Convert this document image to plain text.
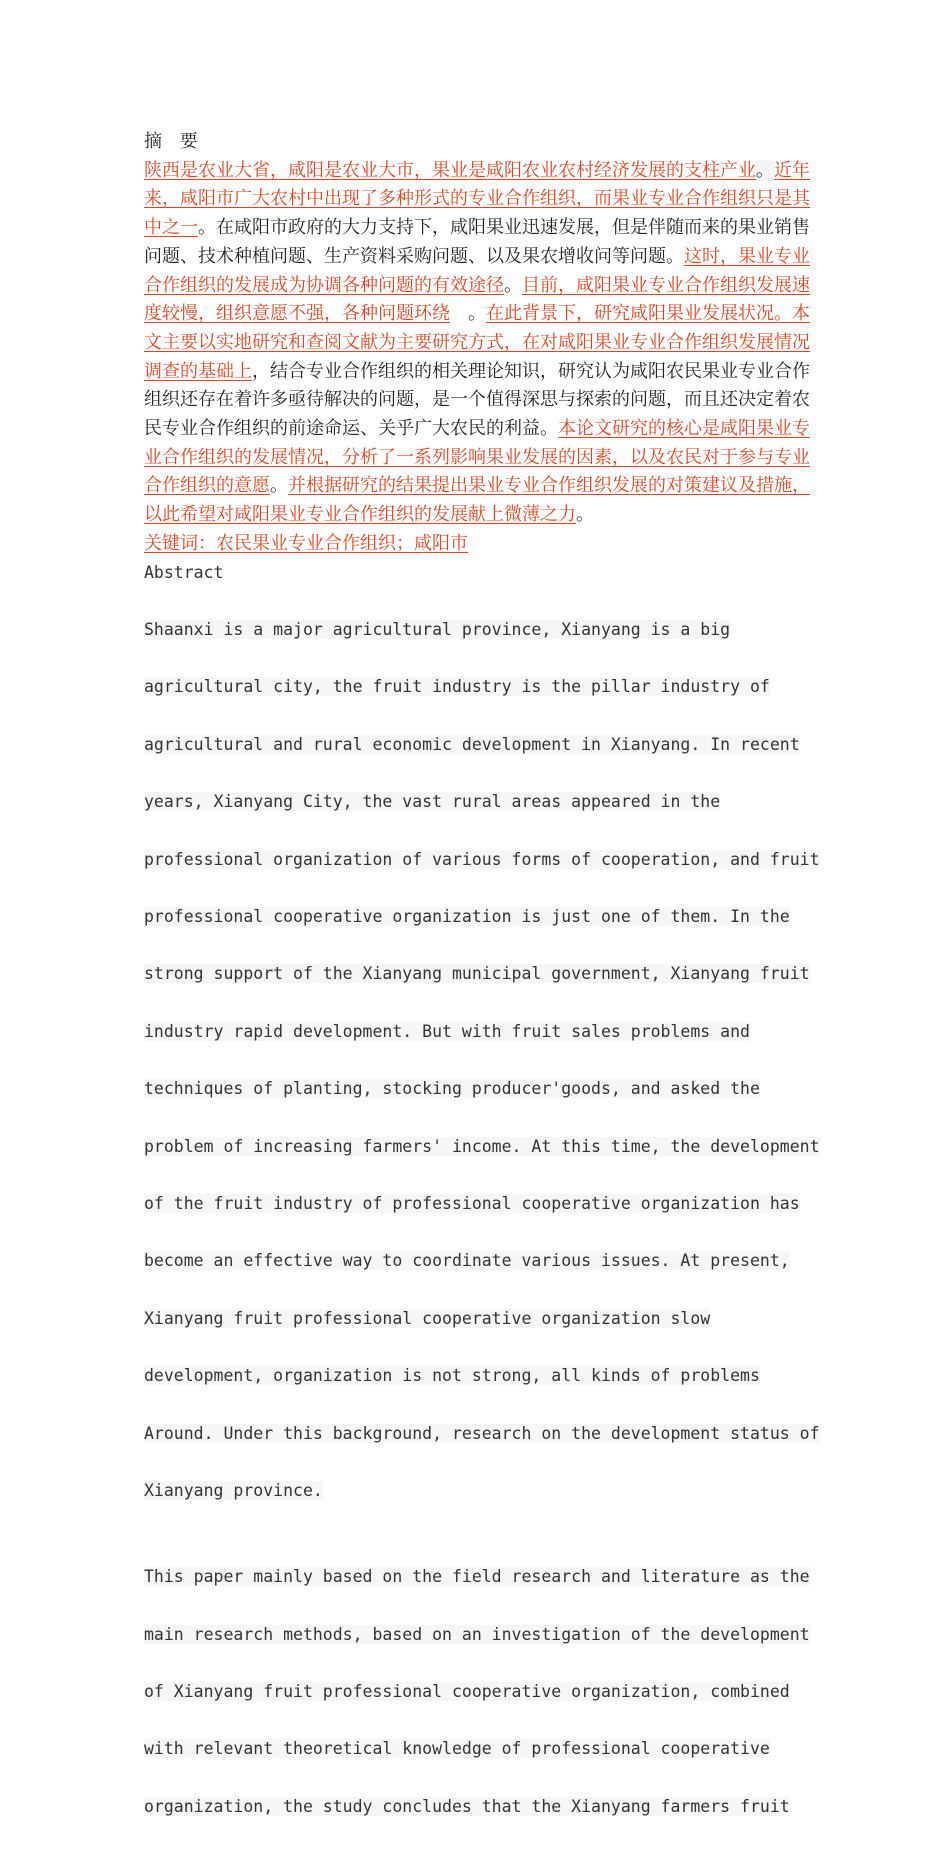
摘 要

陕西是农业大省，咸阳是农业大市，果业是咸阳农业农村经济发展的支柱产业。近年来，咸阳市广大农村中出现了多种形式的专业合作组织，而果业专业合作组织只是其中之一。在咸阳市政府的大力支持下，咸阳果业迅速发展，但是伴随而来的果业销售问题、技术种植问题、生产资料采购问题、以及果农增收问等问题。这时，果业专业合作组织的发展成为协调各种问题的有效途径。目前，咸阳果业专业合作组织发展速度较慢，组织意愿不强，各种问题环绕　。在此背景下，研究咸阳果业发展状况。本文主要以实地研究和查阅文献为主要研究方式，在对咸阳果业专业合作组织发展情况调查的基础上，结合专业合作组织的相关理论知识，研究认为咸阳农民果业专业合作组织还存在着许多亟待解决的问题，是一个值得深思与探索的问题，而且还决定着农民专业合作组织的前途命运、关乎广大农民的利益。本论文研究的核心是咸阳果业专业合作组织的发展情况，分析了一系列影响果业发展的因素，以及农民对于参与专业合作组织的意愿。并根据研究的结果提出果业专业合作组织发展的对策建议及措施，以此希望对咸阳果业专业合作组织的发展献上微薄之力。

关键词：农民果业专业合作组织；咸阳市

Abstract

Shaanxi is a major agricultural province, Xianyang is a big

agricultural city, the fruit industry is the pillar industry of

agricultural and rural economic development in Xianyang. In recent

years, Xianyang City, the vast rural areas appeared in the

professional organization of various forms of cooperation, and fruit

professional cooperative organization is just one of them. In the

strong support of the Xianyang municipal government, Xianyang fruit

industry rapid development. But with fruit sales problems and

techniques of planting, stocking producer'goods, and asked the

problem of increasing farmers' income. At this time, the development

of the fruit industry of professional cooperative organization has

become an effective way to coordinate various issues. At present,

Xianyang fruit professional cooperative organization slow

development, organization is not strong, all kinds of problems

Around. Under this background, research on the development status of

Xianyang province.

This paper mainly based on the field research and literature as the

main research methods, based on an investigation of the development

of Xianyang fruit professional cooperative organization, combined

with relevant theoretical knowledge of professional cooperative

organization, the study concludes that the Xianyang farmers fruit
